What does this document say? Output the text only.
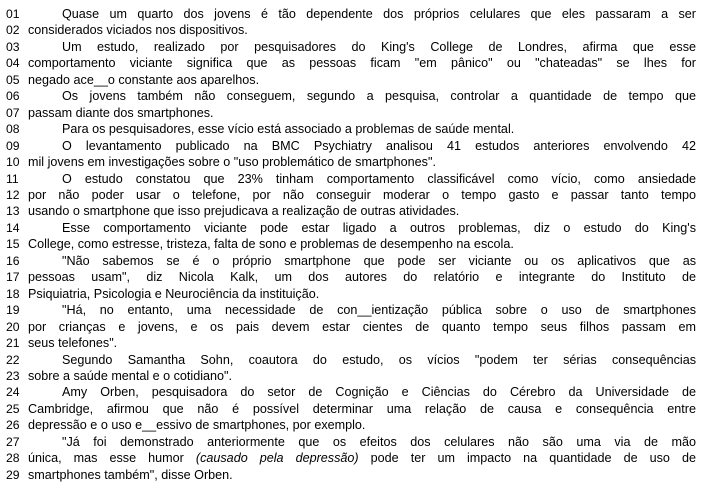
01	Quase um quarto dos jovens é tão dependente dos próprios celulares que eles passaram a ser
02 considerados viciados nos dispositivos.
03	Um estudo, realizado por pesquisadores do King's College de Londres, afirma que esse
04 comportamento viciante significa que as pessoas ficam "em pânico" ou "chateadas" se lhes for
05 negado ace__o constante aos aparelhos.
06	Os jovens também não conseguem, segundo a pesquisa, controlar a quantidade de tempo que
07 passam diante dos smartphones.
08	Para os pesquisadores, esse vício está associado a problemas de saúde mental.
09	O levantamento publicado na BMC Psychiatry analisou 41 estudos anteriores envolvendo 42
10 mil jovens em investigações sobre o "uso problemático de smartphones".
11	O estudo constatou que 23% tinham comportamento classificável como vício, como ansiedade
12 por não poder usar o telefone, por não conseguir moderar o tempo gasto e passar tanto tempo
13 usando o smartphone que isso prejudicava a realização de outras atividades.
14	Esse comportamento viciante pode estar ligado a outros problemas, diz o estudo do King's
15 College, como estresse, tristeza, falta de sono e problemas de desempenho na escola.
16	"Não sabemos se é o próprio smartphone que pode ser viciante ou os aplicativos que as
17 pessoas usam", diz Nicola Kalk, um dos autores do relatório e integrante do Instituto de
18 Psiquiatria, Psicologia e Neurociência da instituição.
19	"Há, no entanto, uma necessidade de con__ientização pública sobre o uso de smartphones
20 por crianças e jovens, e os pais devem estar cientes de quanto tempo seus filhos passam em
21 seus telefones".
22	Segundo Samantha Sohn, coautora do estudo, os vícios "podem ter sérias consequências
23 sobre a saúde mental e o cotidiano".
24	Amy Orben, pesquisadora do setor de Cognição e Ciências do Cérebro da Universidade de
25 Cambridge, afirmou que não é possível determinar uma relação de causa e consequência entre
26 depressão e o uso e__essivo de smartphones, por exemplo.
27	"Já foi demonstrado anteriormente que os efeitos dos celulares não são uma via de mão
28 única, mas esse humor (causado pela depressão) pode ter um impacto na quantidade de uso de
29 smartphones também", disse Orben.
